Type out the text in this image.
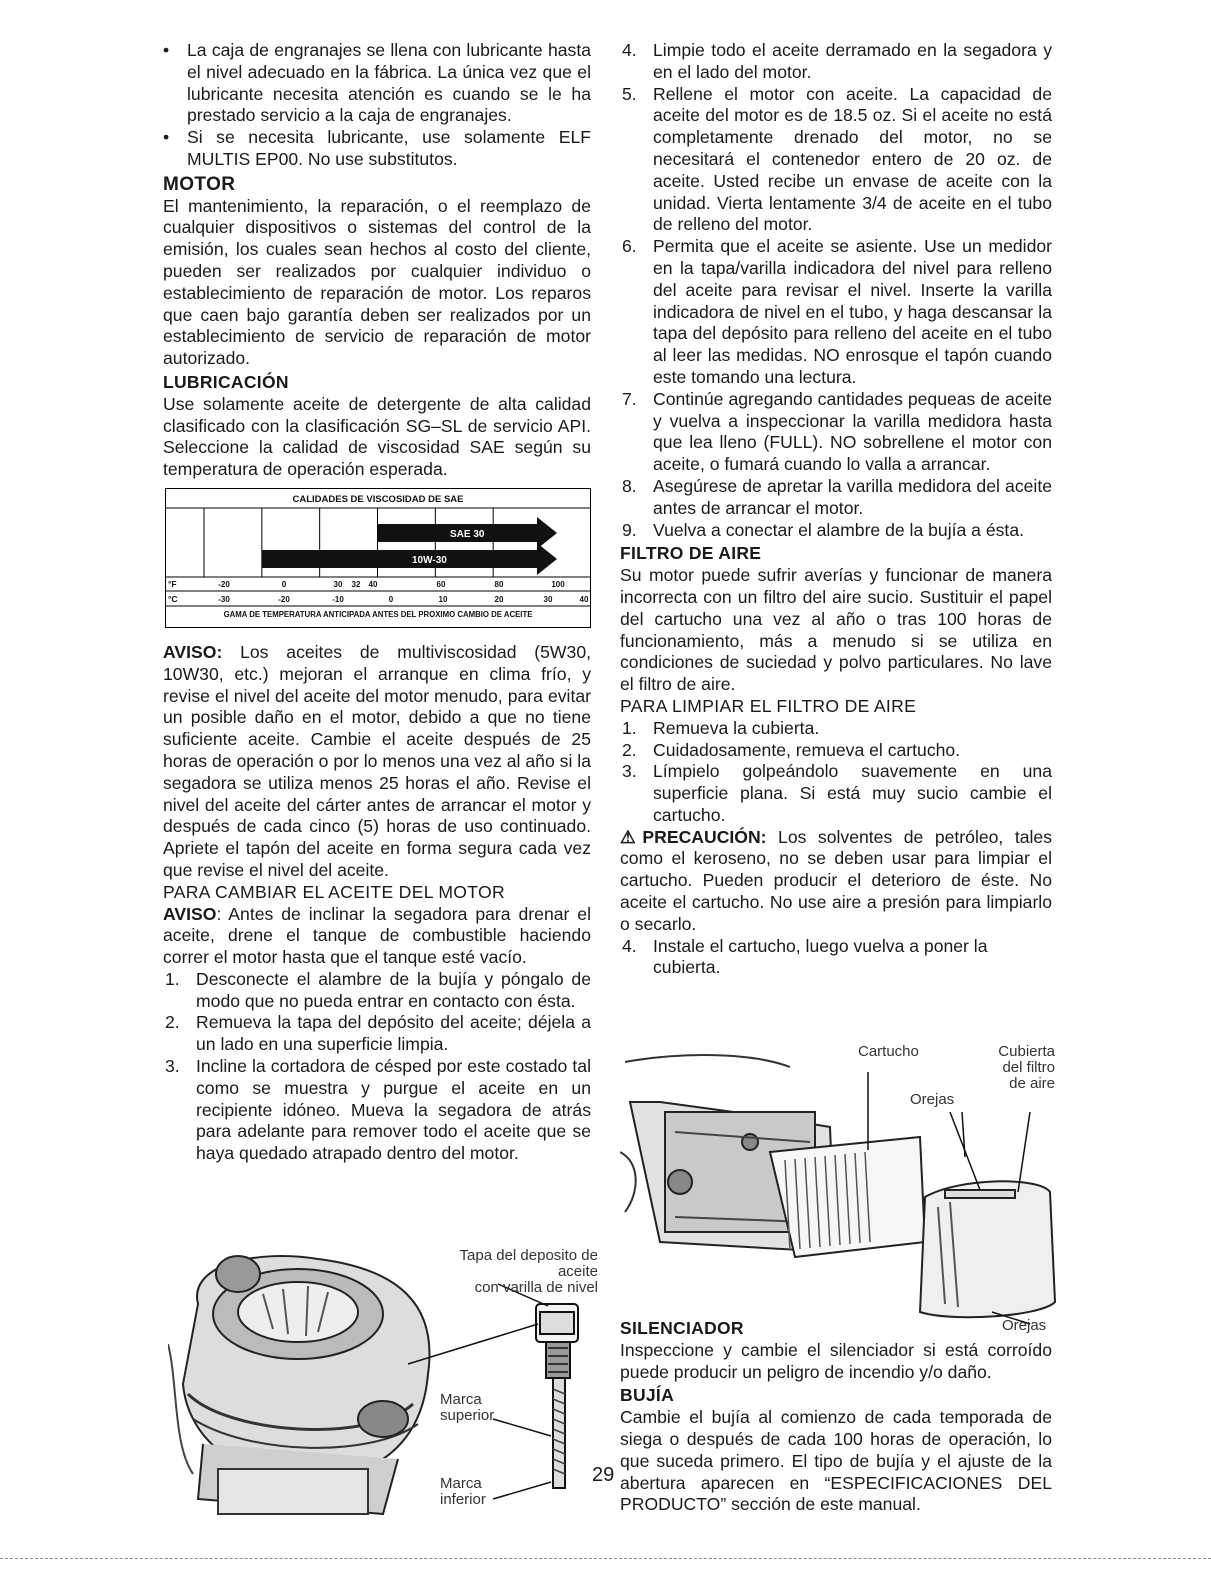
• La caja de engranajes se llena con lubricante hasta el nivel adecuado en la fábrica. La única vez que el lubricante necesita atención es cuando se le ha prestado servicio a la caja de engranajes.

• Si se necesita lubricante, use solamente ELF MULTIS EP00. No use substitutos.

MOTOR

El mantenimiento, la reparación, o el reemplazo de cualquier dispositivos o sistemas del control de la emisión, los cuales sean hechos al costo del cliente, pueden ser realizados por cualquier individuo o establecimiento de reparación de motor. Los reparos que caen bajo garantía deben ser realizados por un establecimiento de servicio de reparación de motor autorizado.

LUBRICACIÓN

Use solamente aceite de detergente de alta calidad clasificado con la clasificación SG–SL de servicio API. Seleccione la calidad de viscosidad SAE según su temperatura de operación esperada.

CALIDADES DE VISCOSIDAD DE SAE
SAE 30
10W-30
°F	-20	0	30 32 40	60	80	100
°C	-30	-20	-10	0	10	20	30	40
GAMA DE TEMPERATURA ANTICIPADA ANTES DEL PROXIMO CAMBIO DE ACEITE

AVISO: Los aceites de multiviscosidad (5W30, 10W30, etc.) mejoran el arranque en clima frío, y revise el nivel del aceite del motor menudo, para evitar un posible daño en el motor, debido a que no tiene suficiente aceite. Cambie el aceite después de 25 horas de operación o por lo menos una vez al año si la segadora se utiliza menos 25 horas el año. Revise el nivel del aceite del cárter antes de arrancar el motor y después de cada cinco (5) horas de uso continuado. Apriete el tapón del aceite en forma segura cada vez que revise el nivel del aceite.

PARA CAMBIAR EL ACEITE DEL MOTOR

AVISO: Antes de inclinar la segadora para drenar el aceite, drene el tanque de combustible haciendo correr el motor hasta que el tanque esté vacío.

1. Desconecte el alambre de la bujía y póngalo de modo que no pueda entrar en contacto con ésta.

2. Remueva la tapa del depósito del aceite; déjela a un lado en una superficie limpia.

3. Incline la cortadora de césped por este costado tal como se muestra y purgue el aceite en un recipiente idóneo. Mueva la segadora de atrás para adelante para remover todo el aceite que se haya quedado atrapado dentro del motor.

Tapa del deposito de aceite
con varilla de nivel
Marca
superior
Marca
inferior

4. Limpie todo el aceite derramado en la segadora y en el lado del motor.

5. Rellene el motor con aceite. La capacidad de aceite del motor es de 18.5 oz. Si el aceite no está completamente drenado del motor, no se necesitará el contenedor entero de 20 oz. de aceite. Usted recibe un envase de aceite con la unidad. Vierta lentamente 3/4 de aceite en el tubo de relleno del motor.

6. Permita que el aceite se asiente. Use un medidor en la tapa/varilla indicadora del nivel para relleno del aceite para revisar el nivel. Inserte la varilla indicadora de nivel en el tubo, y haga descansar la tapa del depósito para relleno del aceite en el tubo al leer las medidas. NO enrosque el tapón cuando este tomando una lectura.

7. Continúe agregando cantidades pequeas de aceite y vuelva a inspeccionar la varilla medidora hasta que lea lleno (FULL). NO sobrellene el motor con aceite, o fumará cuando lo valla a arrancar.

8. Asegúrese de apretar la varilla medidora del aceite antes de arrancar el motor.

9. Vuelva a conectar el alambre de la bujía a ésta.

FILTRO DE AIRE

Su motor puede sufrir averías y funcionar de manera incorrecta con un filtro del aire sucio. Sustituir el papel del cartucho una vez al año o tras 100 horas de funcionamiento, más a menudo si se utiliza en condiciones de suciedad y polvo particulares. No lave el filtro de aire.

PARA LIMPIAR EL FILTRO DE AIRE

1. Remueva la cubierta.

2. Cuidadosamente, remueva el cartucho.

3. Límpielo golpeándolo suavemente en una superficie plana. Si está muy sucio cambie el cartucho.

⚠PRECAUCIÓN: Los solventes de petróleo, tales como el keroseno, no se deben usar para limpiar el cartucho. Pueden producir el deterioro de éste. No aceite el cartucho. No use aire a presión para limpiarlo o secarlo.

4. Instale el cartucho, luego vuelva a poner la
cubierta.

Cartucho	Cubierta
del filtro
de aire
Orejas
Orejas
SILENCIADOR

Inspeccione y cambie el silenciador si está corroído puede producir un peligro de incendio y/o daño.

BUJÍA

Cambie el bujía al comienzo de cada temporada de siega o después de cada 100 horas de operación, lo que suceda primero. El tipo de bujía y el ajuste de la abertura aparecen en “ESPECIFICACIONES DEL PRODUCTO” sección de este manual.

29
